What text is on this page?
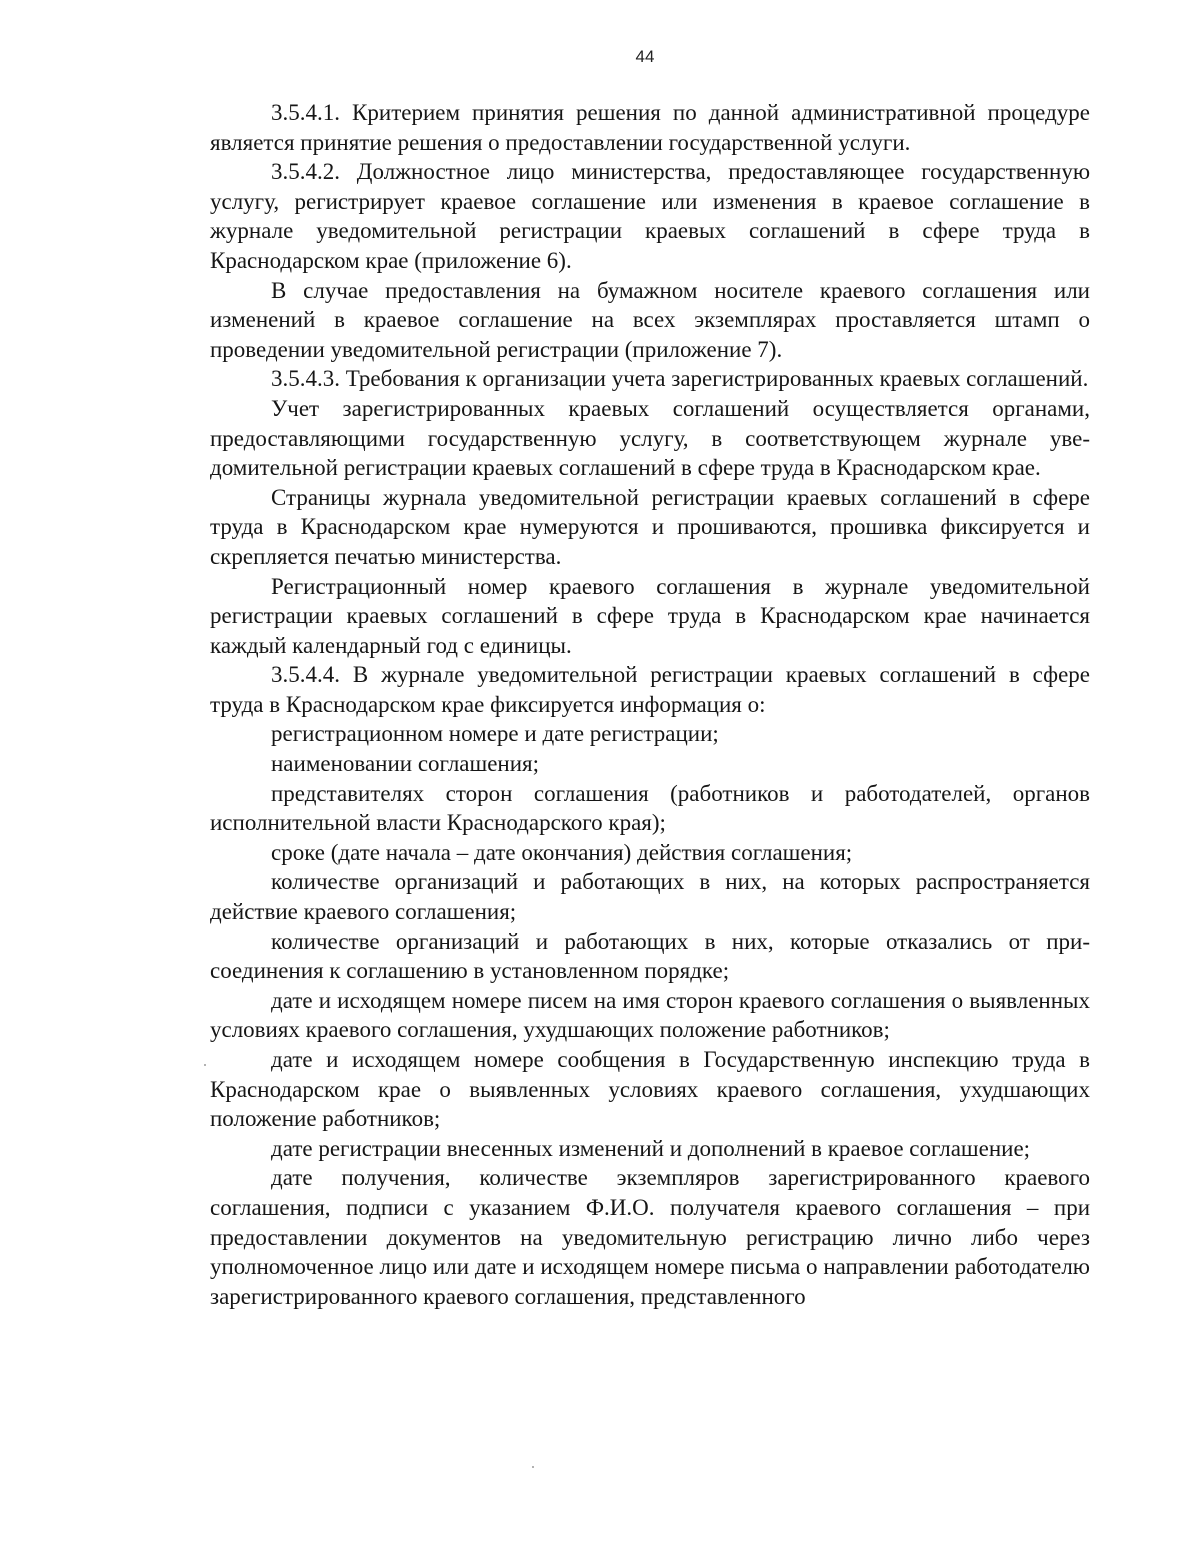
44

3.5.4.1. Критерием принятия решения по данной административной процедуре является принятие решения о предоставлении государственной услуги.

3.5.4.2. Должностное лицо министерства, предоставляющее государственную услугу, регистрирует краевое соглашение или изменения в краевое соглашение в журнале уведомительной регистрации краевых соглашений в сфере труда в Краснодарском крае (приложение 6).

В случае предоставления на бумажном носителе краевого соглашения или изменений в краевое соглашение на всех экземплярах проставляется штамп о проведении уведомительной регистрации (приложение 7).

3.5.4.3. Требования к организации учета зарегистрированных краевых соглашений.

Учет зарегистрированных краевых соглашений осуществляется органами, предоставляющими государственную услугу, в соответствующем журнале уведомительной регистрации краевых соглашений в сфере труда в Краснодарском крае.

Страницы журнала уведомительной регистрации краевых соглашений в сфере труда в Краснодарском крае нумеруются и прошиваются, прошивка фиксируется и скрепляется печатью министерства.

Регистрационный номер краевого соглашения в журнале уведомительной регистрации краевых соглашений в сфере труда в Краснодарском крае начинается каждый календарный год с единицы.

3.5.4.4. В журнале уведомительной регистрации краевых соглашений в сфере труда в Краснодарском крае фиксируется информация о:

регистрационном номере и дате регистрации;

наименовании соглашения;

представителях сторон соглашения (работников и работодателей, органов исполнительной власти Краснодарского края);

сроке (дате начала – дате окончания) действия соглашения;

количестве организаций и работающих в них, на которых распространяется действие краевого соглашения;

количестве организаций и работающих в них, которые отказались от присоединения к соглашению в установленном порядке;

дате и исходящем номере писем на имя сторон краевого соглашения о выявленных условиях краевого соглашения, ухудшающих положение работников;

дате и исходящем номере сообщения в Государственную инспекцию труда в Краснодарском крае о выявленных условиях краевого соглашения, ухудшающих положение работников;

дате регистрации внесенных изменений и дополнений в краевое соглашение;

дате получения, количестве экземпляров зарегистрированного краевого соглашения, подписи с указанием Ф.И.О. получателя краевого соглашения – при предоставлении документов на уведомительную регистрацию лично либо через уполномоченное лицо или дате и исходящем номере письма о направлении работодателю зарегистрированного краевого соглашения, представленного
